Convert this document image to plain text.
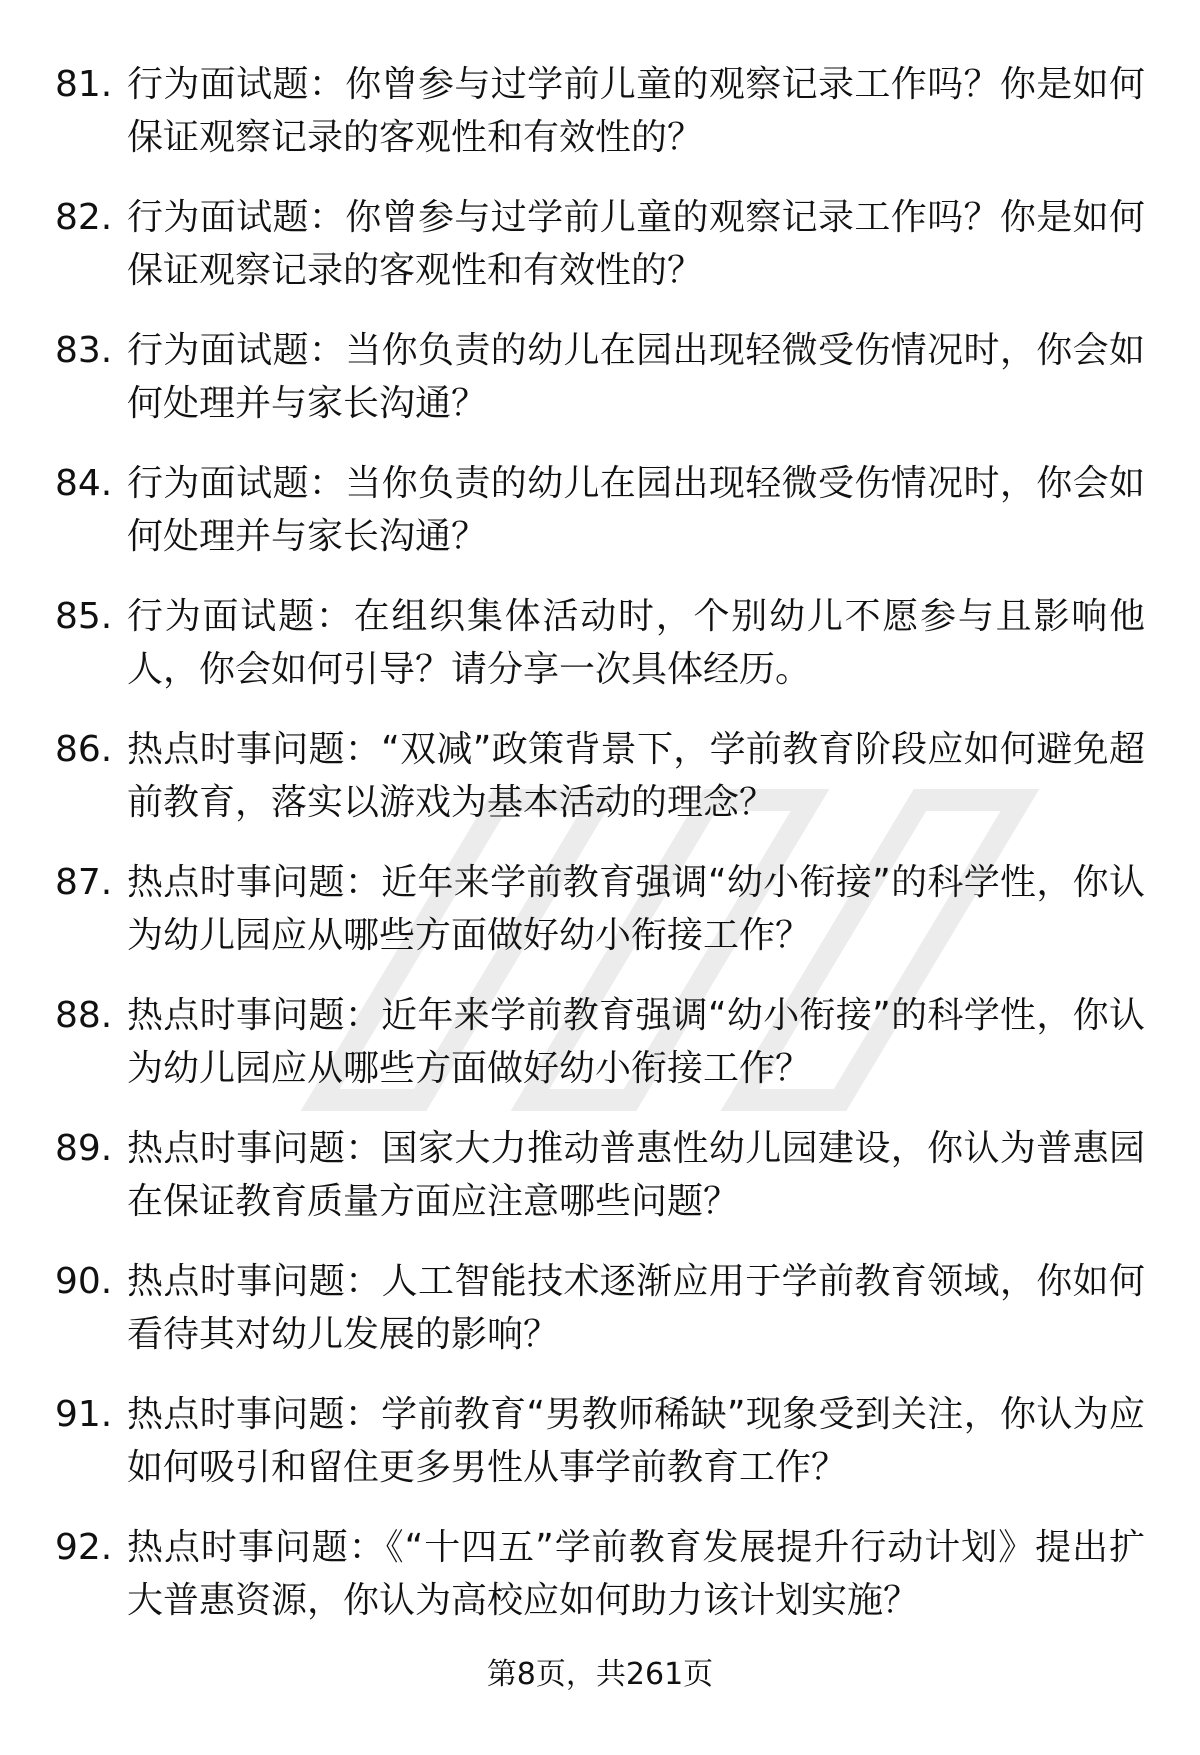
81. 行为面试题：你曾参与过学前儿童的观察记录工作吗？你是如何保证观察记录的客观性和有效性的？
82. 行为面试题：你曾参与过学前儿童的观察记录工作吗？你是如何保证观察记录的客观性和有效性的？
83. 行为面试题：当你负责的幼儿在园出现轻微受伤情况时，你会如何处理并与家长沟通？
84. 行为面试题：当你负责的幼儿在园出现轻微受伤情况时，你会如何处理并与家长沟通？
85. 行为面试题：在组织集体活动时，个别幼儿不愿参与且影响他人，你会如何引导？请分享一次具体经历。
86. 热点时事问题：“双减”政策背景下，学前教育阶段应如何避免超前教育，落实以游戏为基本活动的理念？
87. 热点时事问题：近年来学前教育强调“幼小衔接”的科学性，你认为幼儿园应从哪些方面做好幼小衔接工作？
88. 热点时事问题：近年来学前教育强调“幼小衔接”的科学性，你认为幼儿园应从哪些方面做好幼小衔接工作？
89. 热点时事问题：国家大力推动普惠性幼儿园建设，你认为普惠园在保证教育质量方面应注意哪些问题？
90. 热点时事问题：人工智能技术逐渐应用于学前教育领域，你如何看待其对幼儿发展的影响？
91. 热点时事问题：学前教育“男教师稀缺”现象受到关注，你认为应如何吸引和留住更多男性从事学前教育工作？
92. 热点时事问题：《“十四五”学前教育发展提升行动计划》提出扩大普惠资源，你认为高校应如何助力该计划实施？
第8页，共261页
